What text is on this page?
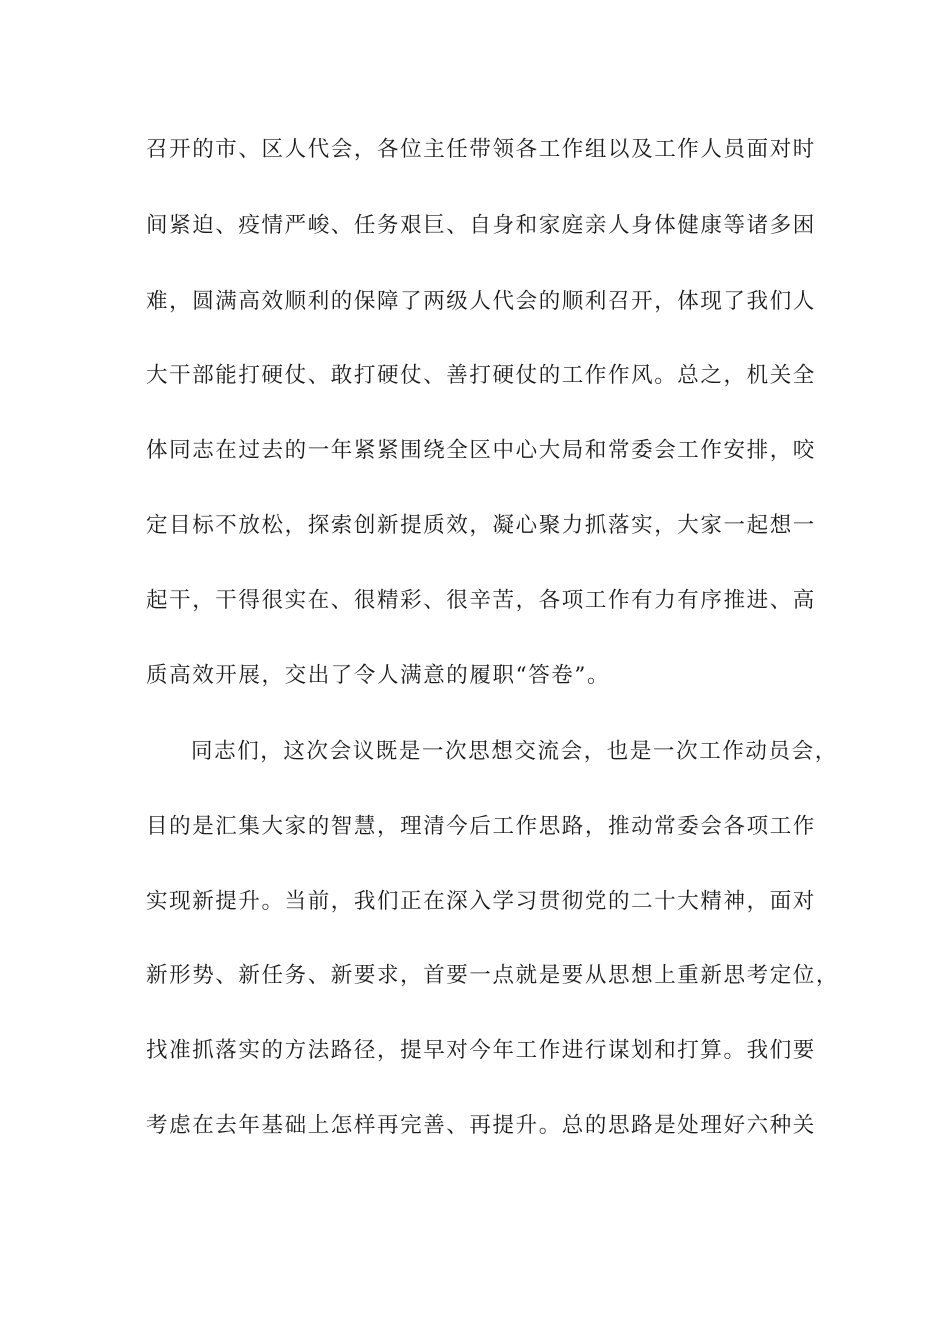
召开的市、区人代会，各位主任带领各工作组以及工作人员面对时
间紧迫、疫情严峻、任务艰巨、自身和家庭亲人身体健康等诸多困
难，圆满高效顺利的保障了两级人代会的顺利召开，体现了我们人
大干部能打硬仗、敢打硬仗、善打硬仗的工作作风。总之，机关全
体同志在过去的一年紧紧围绕全区中心大局和常委会工作安排，咬
定目标不放松，探索创新提质效，凝心聚力抓落实，大家一起想一
起干，干得很实在、很精彩、很辛苦，各项工作有力有序推进、高
质高效开展，交出了令人满意的履职“答卷”。
同志们，这次会议既是一次思想交流会，也是一次工作动员会，
目的是汇集大家的智慧，理清今后工作思路，推动常委会各项工作
实现新提升。当前，我们正在深入学习贯彻党的二十大精神，面对
新形势、新任务、新要求，首要一点就是要从思想上重新思考定位，
找准抓落实的方法路径，提早对今年工作进行谋划和打算。我们要
考虑在去年基础上怎样再完善、再提升。总的思路是处理好六种关
